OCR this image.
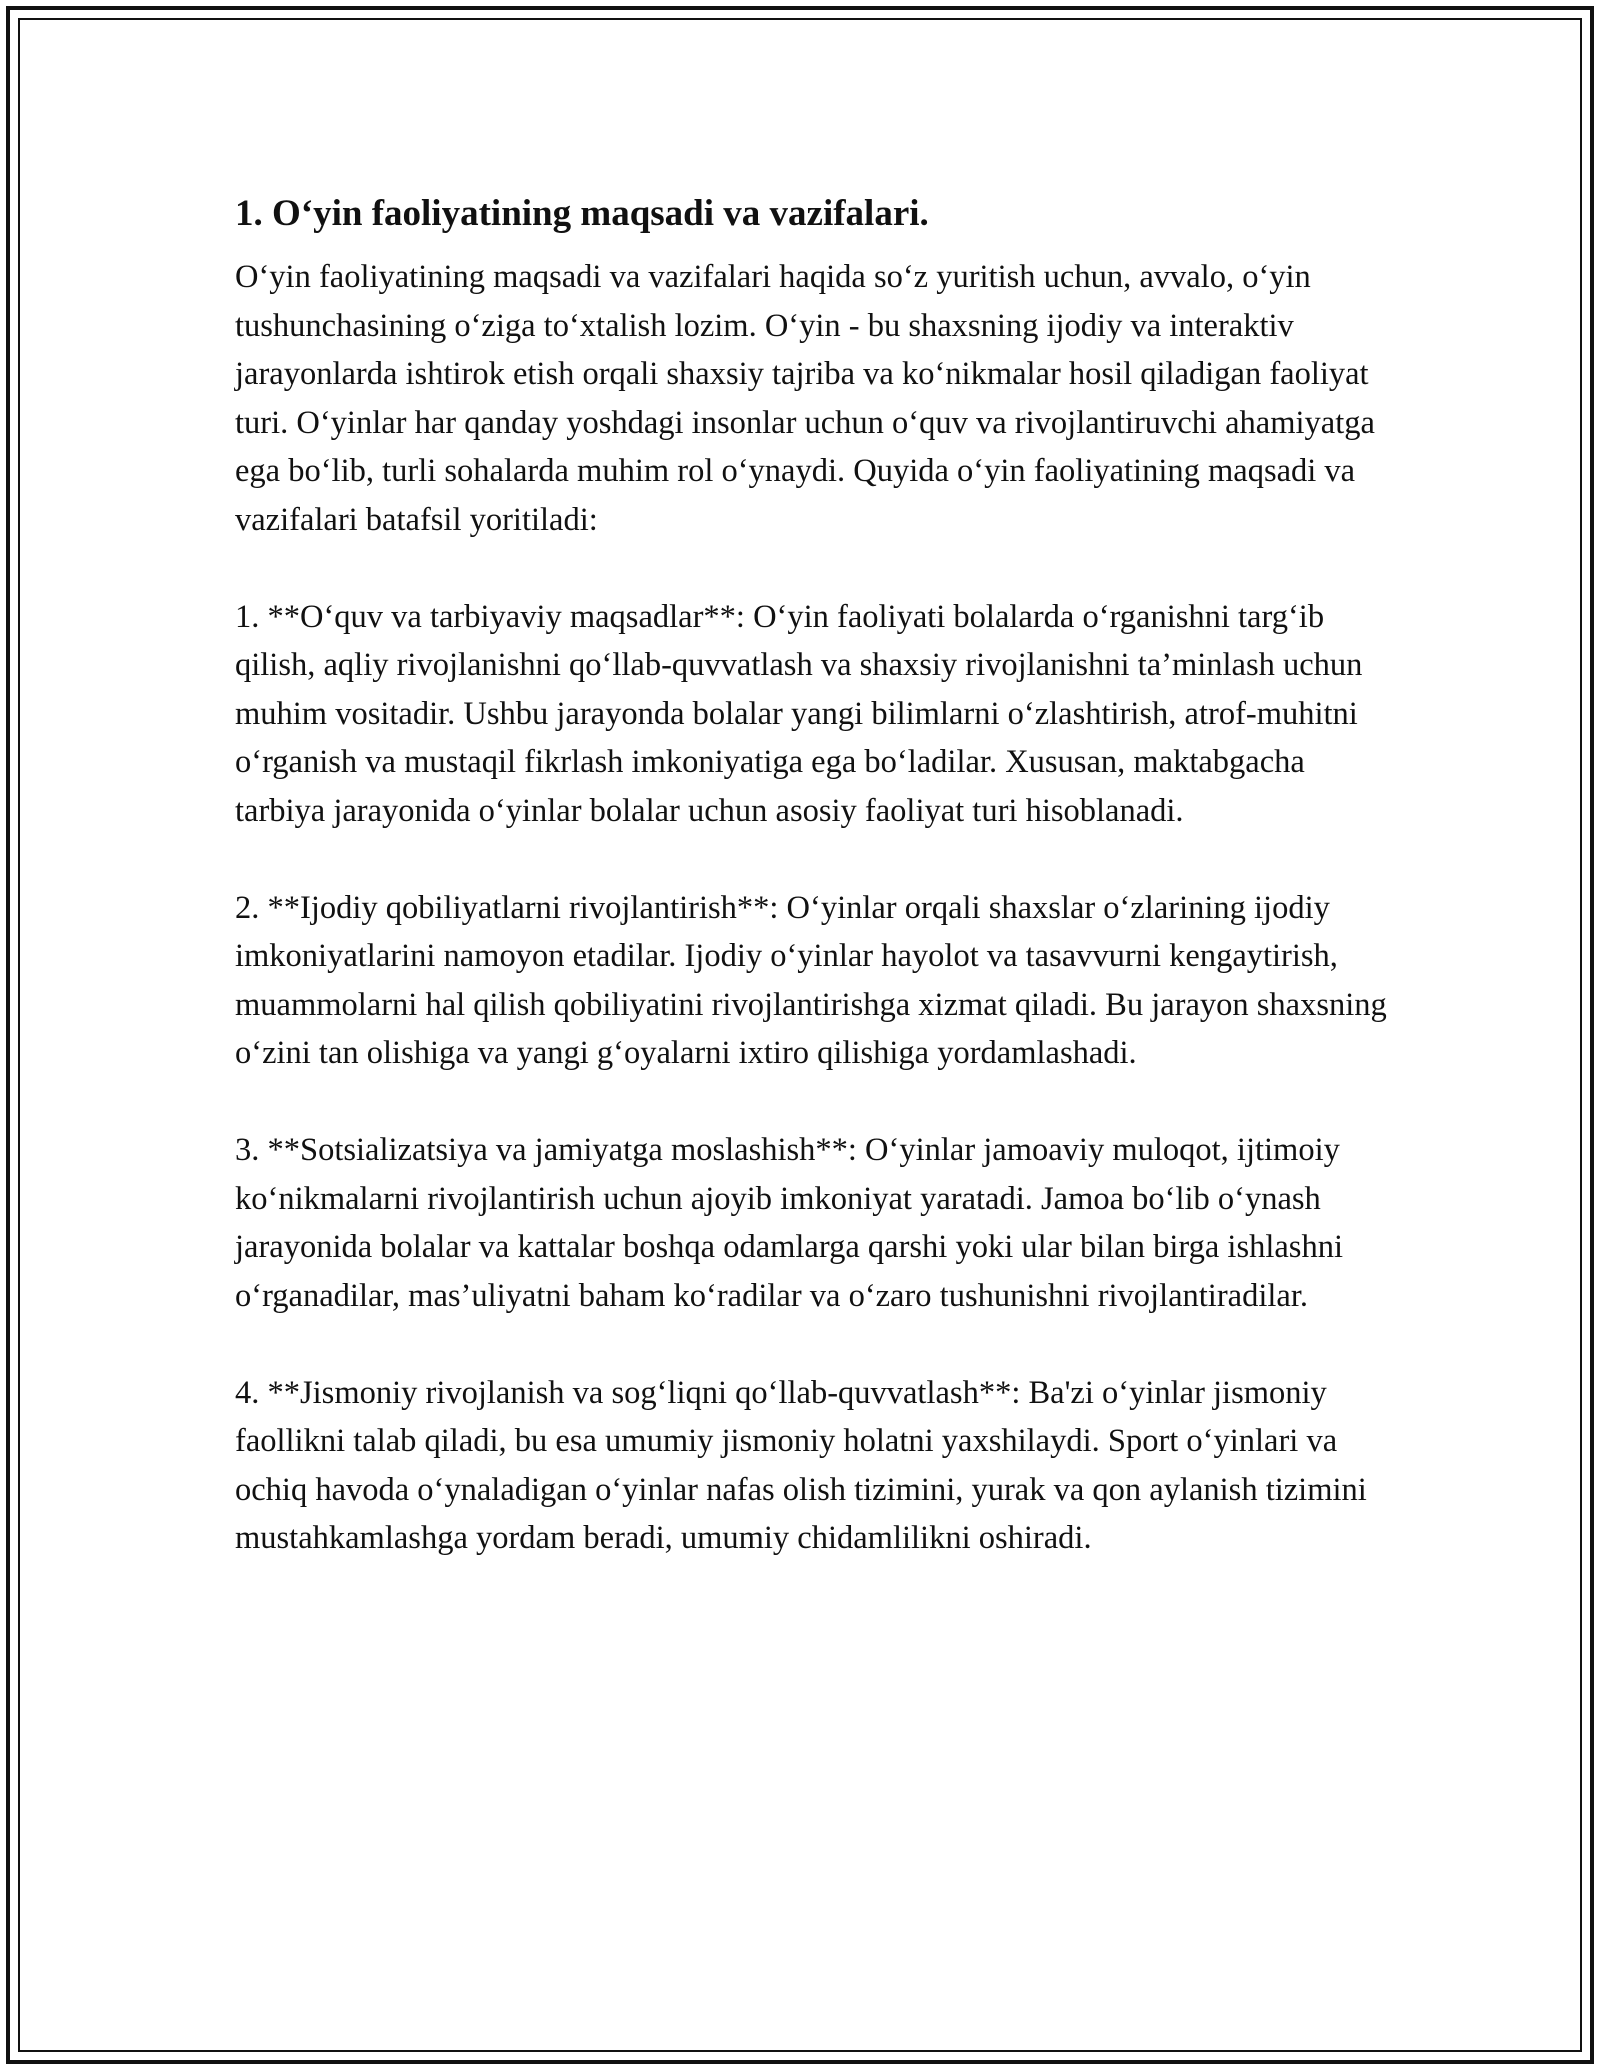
1. O‘yin faoliyatining maqsadi va vazifalari.

O‘yin faoliyatining maqsadi va vazifalari haqida so‘z yuritish uchun, avvalo, o‘yin tushunchasining o‘ziga to‘xtalish lozim. O‘yin - bu shaxsning ijodiy va interaktiv jarayonlarda ishtirok etish orqali shaxsiy tajriba va ko‘nikmalar hosil qiladigan faoliyat turi. O‘yinlar har qanday yoshdagi insonlar uchun o‘quv va rivojlantiruvchi ahamiyatga ega bo‘lib, turli sohalarda muhim rol o‘ynaydi. Quyida o‘yin faoliyatining maqsadi va vazifalari batafsil yoritiladi:

1. **O‘quv va tarbiyaviy maqsadlar**: O‘yin faoliyati bolalarda o‘rganishni targ‘ib qilish, aqliy rivojlanishni qo‘llab-quvvatlash va shaxsiy rivojlanishni ta’minlash uchun muhim vositadir. Ushbu jarayonda bolalar yangi bilimlarni o‘zlashtirish, atrof-muhitni o‘rganish va mustaqil fikrlash imkoniyatiga ega bo‘ladilar. Xususan, maktabgacha tarbiya jarayonida o‘yinlar bolalar uchun asosiy faoliyat turi hisoblanadi.

2. **Ijodiy qobiliyatlarni rivojlantirish**: O‘yinlar orqali shaxslar o‘zlarining ijodiy imkoniyatlarini namoyon etadilar. Ijodiy o‘yinlar hayolot va tasavvurni kengaytirish, muammolarni hal qilish qobiliyatini rivojlantirishga xizmat qiladi. Bu jarayon shaxsning o‘zini tan olishiga va yangi g‘oyalarni ixtiro qilishiga yordamlashadi.

3. **Sotsializatsiya va jamiyatga moslashish**: O‘yinlar jamoaviy muloqot, ijtimoiy ko‘nikmalarni rivojlantirish uchun ajoyib imkoniyat yaratadi. Jamoa bo‘lib o‘ynash jarayonida bolalar va kattalar boshqa odamlarga qarshi yoki ular bilan birga ishlashni o‘rganadilar, mas’uliyatni baham ko‘radilar va o‘zaro tushunishni rivojlantiradilar.

4. **Jismoniy rivojlanish va sog‘liqni qo‘llab-quvvatlash**: Ba'zi o‘yinlar jismoniy faollikni talab qiladi, bu esa umumiy jismoniy holatni yaxshilaydi. Sport o‘yinlari va ochiq havoda o‘ynaladigan o‘yinlar nafas olish tizimini, yurak va qon aylanish tizimini mustahkamlashga yordam beradi, umumiy chidamlilikni oshiradi.
